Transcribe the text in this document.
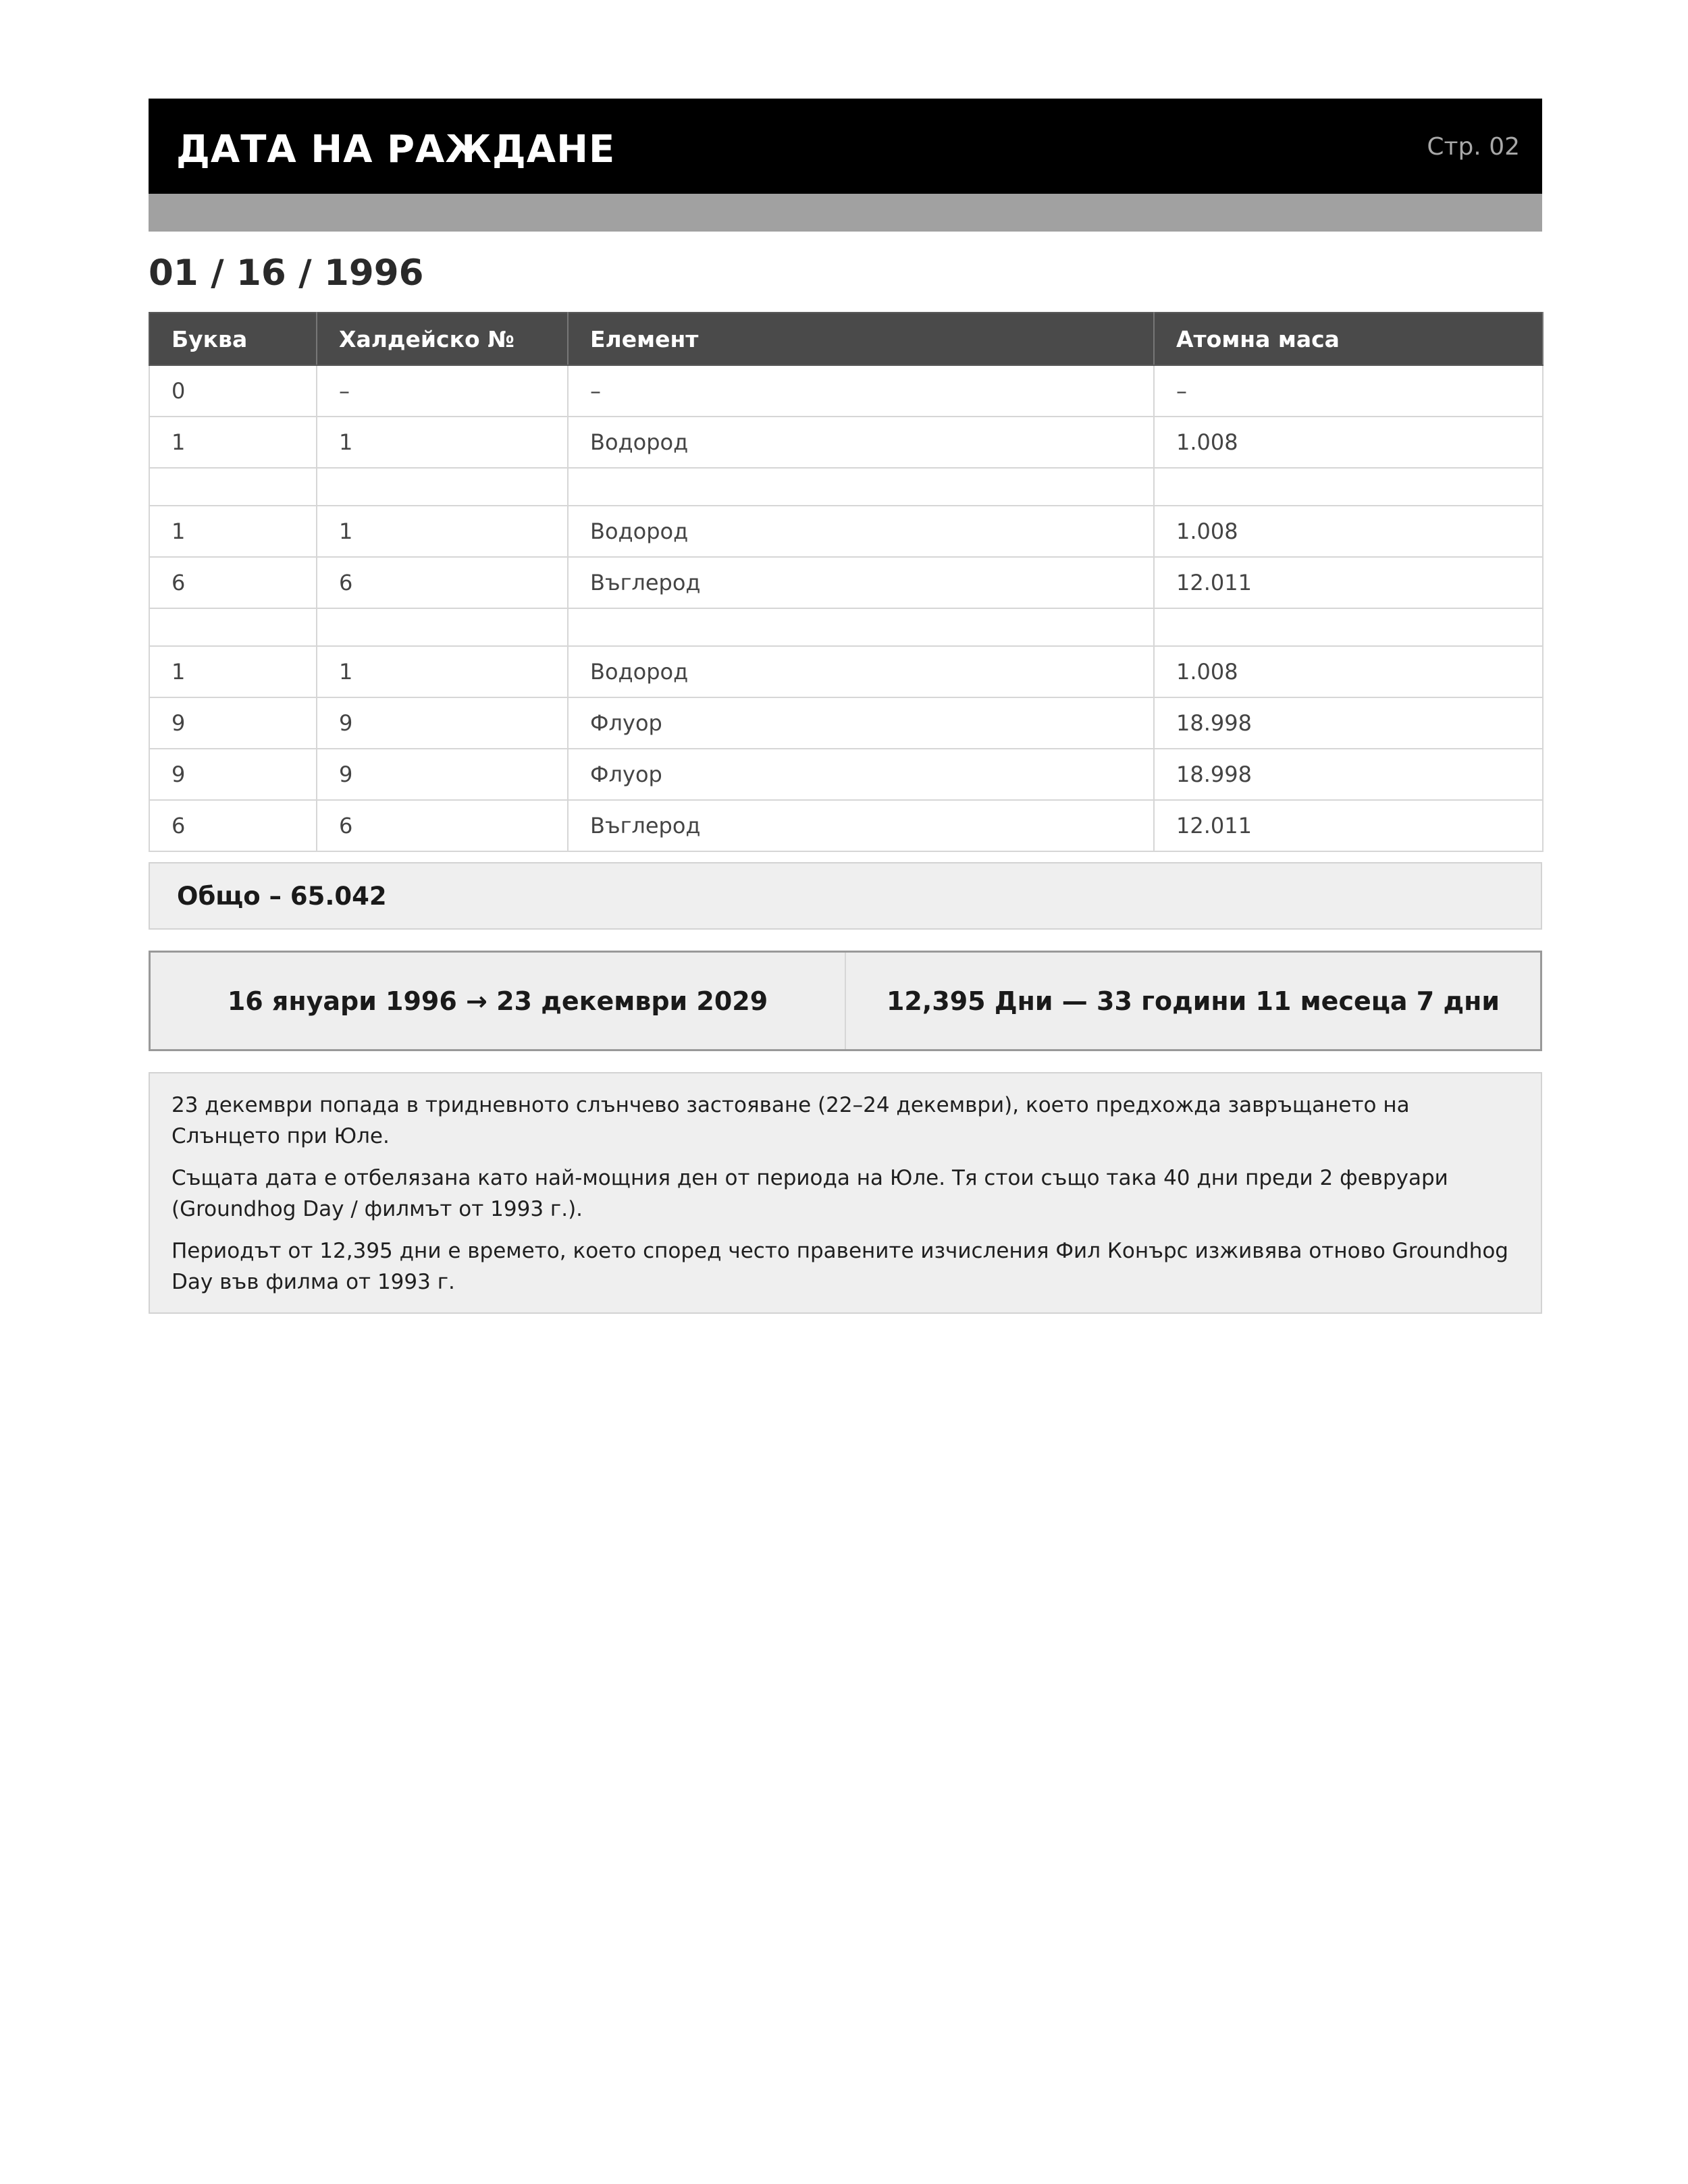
ДАТА НА РАЖДАНЕ	Стр. 02
01 / 16 / 1996
Буква	Халдейско №	Елемент	Атомна маса
0	–	–	–
1	1	Водород	1.008

1	1	Водород	1.008
6	6	Въглерод	12.011

1	1	Водород	1.008
9	9	Флуор	18.998
9	9	Флуор	18.998
6	6	Въглерод	12.011
Общо – 65.042
16 януари 1996 → 23 декември 2029	12,395 Дни — 33 години 11 месеца 7 дни

23 декември попада в тридневното слънчево застояване (22–24 декември), което предхожда завръщането на Слънцето при Юле.

Същата дата е отбелязана като най-мощния ден от периода на Юле. Тя стои също така 40 дни преди 2 февруари (Groundhog Day / филмът от 1993 г.).

Периодът от 12,395 дни е времето, което според често правените изчисления Фил Конърс изживява отново Groundhog Day във филма от 1993 г.
